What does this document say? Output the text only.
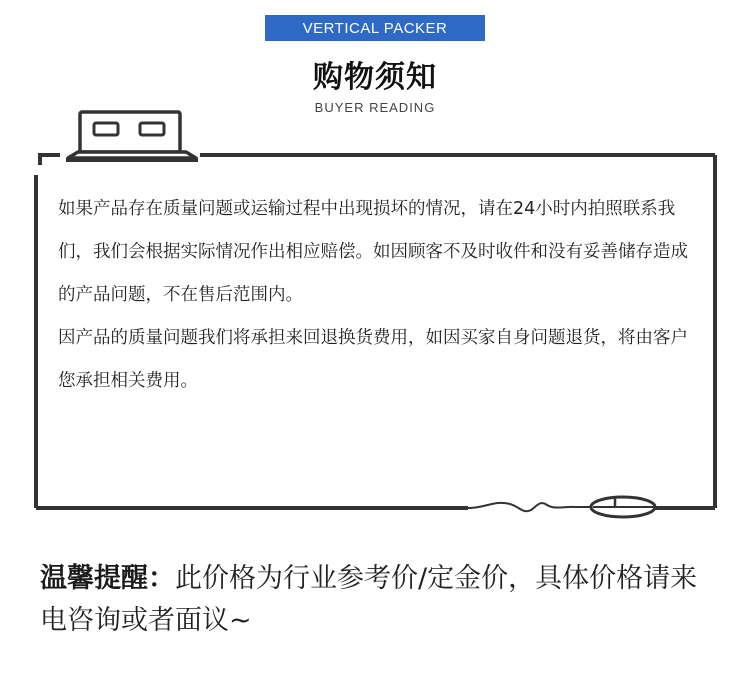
VERTICAL PACKER
购物须知
BUYER READING

如果产品存在质量问题或运输过程中出现损坏的情况，请在24小时内拍照联系我们，我们会根据实际情况作出相应赔偿。如因顾客不及时收件和没有妥善储存造成的产品问题，不在售后范围内。

因产品的质量问题我们将承担来回退换货费用，如因买家自身问题退货，将由客户您承担相关费用。

温馨提醒：此价格为行业参考价/定金价，具体价格请来电咨询或者面议~
